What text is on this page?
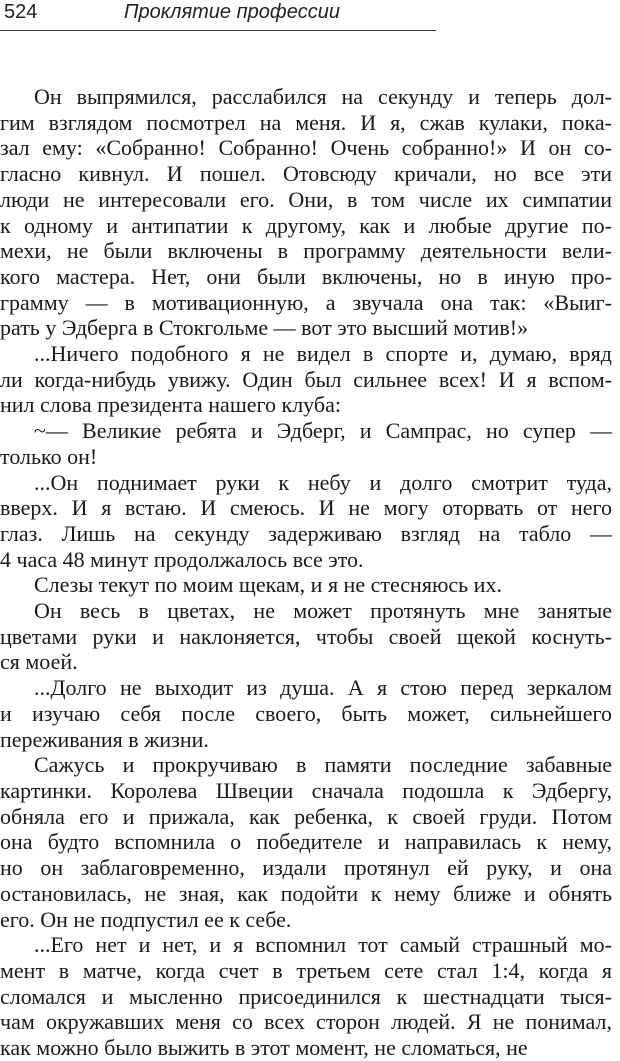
524	Проклятие профессии

Он выпрямился, расслабился на секунду и теперь дол-
гим взглядом посмотрел на меня. И я, сжав кулаки, пока-
зал ему: «Собранно! Собранно! Очень собранно!» И он со-
гласно кивнул. И пошел. Отовсюду кричали, но все эти
люди не интересовали его. Они, в том числе их симпатии
к одному и антипатии к другому, как и любые другие по-
мехи, не были включены в программу деятельности вели-
кого мастера. Нет, они были включены, но в иную про-
грамму — в мотивационную, а звучала она так: «Выиг-
рать у Эдберга в Стокгольме — вот это высший мотив!»

...Ничего подобного я не видел в спорте и, думаю, вряд
ли когда-нибудь увижу. Один был сильнее всех! И я вспом-
нил слова президента нашего клуба:

~— Великие ребята и Эдберг, и Сампрас, но супер —
только он!

...Он поднимает руки к небу и долго смотрит туда,
вверх. И я встаю. И смеюсь. И не могу оторвать от него
глаз. Лишь на секунду задерживаю взгляд на табло —
4 часа 48 минут продолжалось все это.

Слезы текут по моим щекам, и я не стесняюсь их.

Он весь в цветах, не может протянуть мне занятые
цветами руки и наклоняется, чтобы своей щекой коснуть-
ся моей.

...Долго не выходит из душа. А я стою перед зеркалом
и изучаю себя после своего, быть может, сильнейшего
переживания в жизни.

Сажусь и прокручиваю в памяти последние забавные
картинки. Королева Швеции сначала подошла к Эдбергу,
обняла его и прижала, как ребенка, к своей груди. Потом
она будто вспомнила о победителе и направилась к нему,
но он заблаговременно, издали протянул ей руку, и она
остановилась, не зная, как подойти к нему ближе и обнять
его. Он не подпустил ее к себе.

...Его нет и нет, и я вспомнил тот самый страшный мо-
мент в матче, когда счет в третьем сете стал 1:4, когда я
сломался и мысленно присоединился к шестнадцати тыся-
чам окружавших меня со всех сторон людей. Я не понимал,
как можно было выжить в этот момент, не сломаться, не
